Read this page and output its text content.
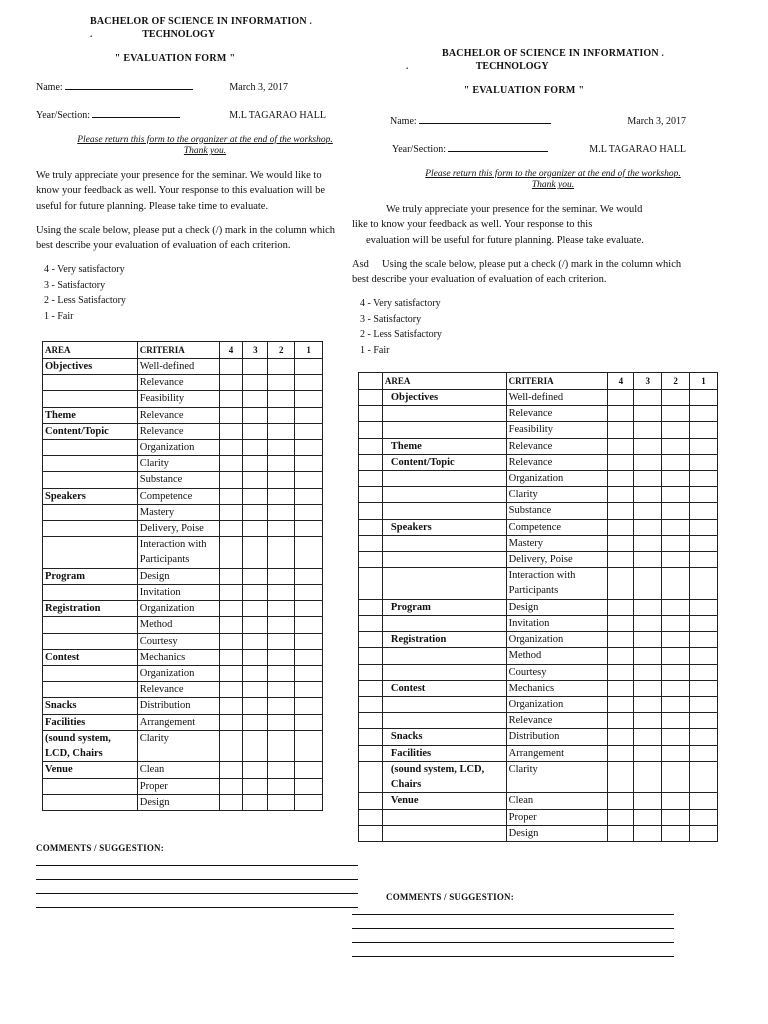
BACHELOR OF SCIENCE IN INFORMATION .
.	TECHNOLOGY
" EVALUATION FORM "
Name:	March 3, 2017
Year/Section:	M.L TAGARAO HALL
Please return this form to the organizer at the end of the workshop.
Thank you.
We truly appreciate your presence for the seminar. We would like to
know your feedback as well. Your response to this evaluation will be
useful for future planning. Please take time to evaluate.
Using the scale below, please put a check (/) mark in the column which
best describe your evaluation of evaluation of each criterion.
4 - Very satisfactory
3 - Satisfactory
2 - Less Satisfactory
1 - Fair
AREA	CRITERIA	4	3	2	1
Objectives	Well-defined				
	Relevance				
	Feasibility				
Theme	Relevance				
Content/Topic	Relevance				
	Organization				
	Clarity				
	Substance				
Speakers	Competence				
	Mastery				
	Delivery, Poise				
	Interaction with Participants				
Program	Design				
	Invitation				
Registration	Organization				
	Method				
	Courtesy				
Contest	Mechanics				
	Organization				
	Relevance				
Snacks	Distribution				
Facilities	Arrangement				
(sound system, LCD, Chairs	Clarity				
Venue	Clean				
	Proper				
	Design				
COMMENTS / SUGGESTION:
BACHELOR OF SCIENCE IN INFORMATION .
.	TECHNOLOGY
" EVALUATION FORM "
Name:	March 3, 2017
Year/Section:	M.L TAGARAO HALL
Please return this form to the organizer at the end of the workshop.
Thank you.
We truly appreciate your presence for the seminar. We would
like to know your feedback as well. Your response to this
evaluation will be useful for future planning. Please take evaluate.
Asd Using the scale below, please put a check (/) mark in the column which
best describe your evaluation of evaluation of each criterion.
4 - Very satisfactory
3 - Satisfactory
2 - Less Satisfactory
1 - Fair
	AREA	CRITERIA	4	3	2	1
	Objectives	Well-defined				
		Relevance				
		Feasibility				
	Theme	Relevance				
	Content/Topic	Relevance				
		Organization				
		Clarity				
		Substance				
	Speakers	Competence				
		Mastery				
		Delivery, Poise				
		Interaction with Participants				
	Program	Design				
		Invitation				
	Registration	Organization				
		Method				
		Courtesy				
	Contest	Mechanics				
		Organization				
		Relevance				
	Snacks	Distribution				
	Facilities	Arrangement				
	(sound system, LCD, Chairs	Clarity				
	Venue	Clean				
		Proper				
		Design				
COMMENTS / SUGGESTION:
